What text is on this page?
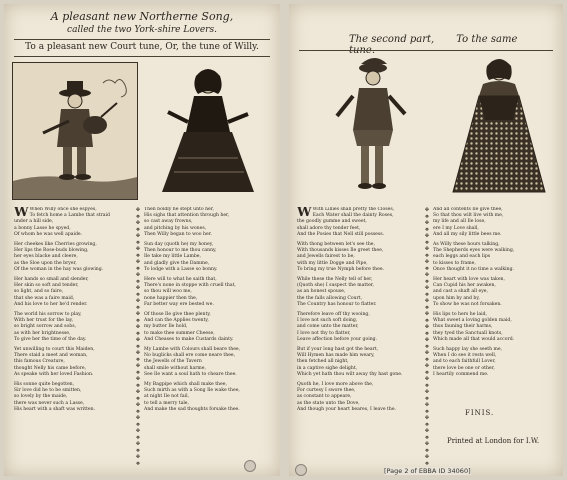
A pleasant new Northerne Song,
called the two York-shire Lovers.
To a pleasant new Court tune, Or, the tune of Willy.
W When Willy once she espyes,
To fetch home a Lambe that straid
under a hill side,
a bonny Lasse he spyed,
Of whom he was well apaide.
Her cheekes like Cherries growing,
Her lips the Rose-buds blowing,
her eyes blacke and cleere,
as the Sloe upon the bryer,
Of the woman in the hay was glowing.
Her hands so small and slender,
Her skin so soft and tender,
so light, and so faire,
that she was a faire maid,
And his love to her he'd render.
The world his sorrow to play,
With her trust for the lay,
so bright sorrow and sobs,
as with her brightnesse,
To give her the time of the day.
Yet unwilling to court this Maiden,
There staid a meet and woman,
this famous Creature,
thought Nelly his came before,
As speake with her loved Fashion.
His sonne quite begotten,
Sir love did he to be smitten,
so lovely by the maide,
there was never such a Lasse,
His heart with a shaft was written.
✤
❖
✤
❖
✤
❖
✤
❖
✤
❖
✤
❖
✤
❖
✤
❖
✤
❖
✤
❖
✤
❖
✤
❖
✤
❖
✤
❖
✤
❖
✤
❖
✤
❖
✤
❖
✤
❖
✤
❖
Then boldly he stept unto her,
His sighs that attention through her,
so cast away frowns,
and pitching by his wones,
Then Willy began to woo her.
Sun day (quoth he) my honey,
Then honour to me thou canny,
Ile take my little Lambe,
and gladly give the Damme,
To lodge with a Lasse so bonny.
Here will to what he saith that,
There's none in stoppe with cruell that,
so thou will woo me,
none happier then the,
Far better way ere bested we.
Of those Ile give thee plenty,
And can the Applies twenty,
my butter Ile hold,
to make thee summer Cheese,
And Cheases to make Custards dainty.
My Lambe with Colours shall beare thee,
No buglicks shall ere come neare thee,
the Jewells of the Tavern
shall smile without harme,
See Ile want a soul hath to cheare thee.
My Bagpipe which shall make thee,
Such mirth as with a Song Ile wake thee,
at night Ile not fail,
to tell a merry tale,
And make the sad thoughts forsake thee.
The second part, To the same
W With Lillies shall pretty the Closes,
Each Water shall the dainty Roses,
the goodly gumme and sweet,
shall adore thy tender feet,
And the Posies that Nell still possess.
With thong between let's see the,
With thousands kisses Ile greet thee,
and Jewells fairest to be,
with my little Dogge and Pipe,
To bring my true Nymph before thee.
While these the Nelly tell of her,
(Quoth she) I suspect the matter,
as an honest spouse,
the the falls allowing Court,
The Country has honour to flatter.
Therefore leave off thy wooing,
I love not such soft doing,
and come unto the matter,
I love not thy to flatter,
Leave affection before your going.
But if your long hast got the heart,
Will Hymen has made him weary,
then fetched all night,
in a captive sighe delight,
Which yet hath thou wilt away thy hast gone.
Quoth he, I love more above the,
For curtesy I swore thee,
as constant to appeare,
as the state unto the Dove,
And though your heart beares, I leave the.
✤
❖
✤
❖
✤
❖
✤
❖
✤
❖
✤
❖
✤
❖
✤
❖
✤
❖
✤
❖
✤
❖
✤
❖
✤
❖
✤
❖
✤
❖
✤
❖
✤
❖
✤
❖
✤
❖
✤
❖
And all contents Ile give thee,
So that thou wilt live with me,
my life and all Ile lose,
ere I my Love shall,
And all my sily little bees me.
As Willy these hours talking,
The Shepherds eyes were walking,
each leggs and each lips
to kisses to frame,
Once thought it no time a walking.
Her heart with love was taken,
Can Cupid his her awaken,
and cast a shaft all eye,
upon him by and by,
To show he was not forsaken.
His lips to hers he laid,
What sweet a loving golden maid,
thus fauning their harms,
they tyed the Sanctuall knots,
Which made all that would accord.
Such happy lay she seeth me,
When I do see it rests well,
and to each faithfull Lover,
there love be one or other,
I heartily commend me.
FINIS.
Printed at London for I.W.
[Page 2 of EBBA ID 34060]
